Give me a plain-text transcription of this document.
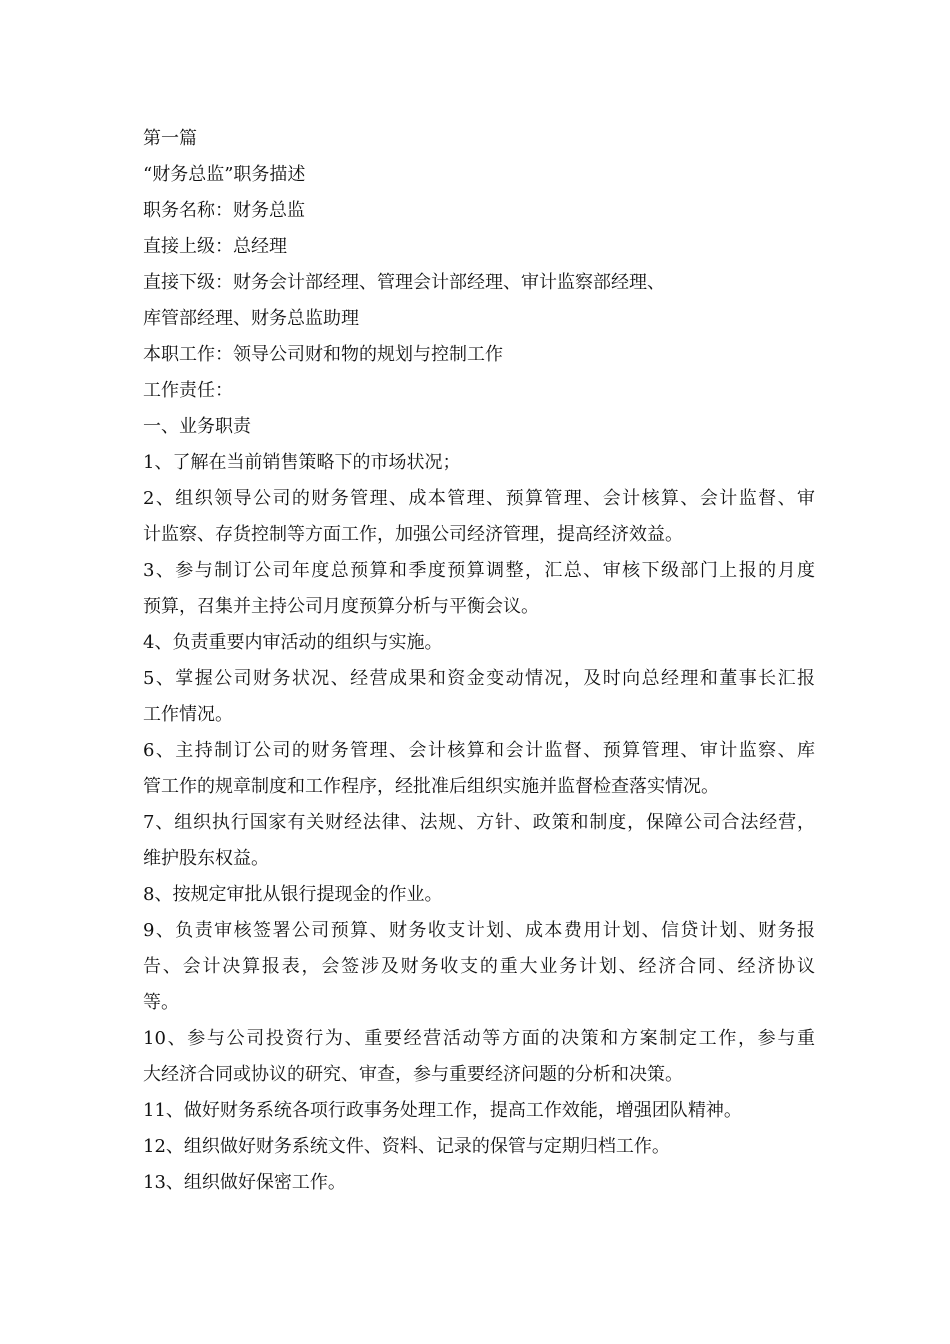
第一篇

“财务总监”职务描述

职务名称：财务总监

直接上级：总经理

直接下级：财务会计部经理、管理会计部经理、审计监察部经理、

库管部经理、财务总监助理

本职工作：领导公司财和物的规划与控制工作

工作责任：

一、业务职责

1、了解在当前销售策略下的市场状况；

2、组织领导公司的财务管理、成本管理、预算管理、会计核算、会计监督、审

计监察、存货控制等方面工作，加强公司经济管理，提高经济效益。

3、参与制订公司年度总预算和季度预算调整，汇总、审核下级部门上报的月度

预算，召集并主持公司月度预算分析与平衡会议。

4、负责重要内审活动的组织与实施。

5、掌握公司财务状况、经营成果和资金变动情况，及时向总经理和董事长汇报

工作情况。

6、主持制订公司的财务管理、会计核算和会计监督、预算管理、审计监察、库

管工作的规章制度和工作程序，经批准后组织实施并监督检查落实情况。

7、组织执行国家有关财经法律、法规、方针、政策和制度，保障公司合法经营，

维护股东权益。

8、按规定审批从银行提现金的作业。

9、负责审核签署公司预算、财务收支计划、成本费用计划、信贷计划、财务报

告、会计决算报表，会签涉及财务收支的重大业务计划、经济合同、经济协议

等。

10、参与公司投资行为、重要经营活动等方面的决策和方案制定工作，参与重

大经济合同或协议的研究、审查，参与重要经济问题的分析和决策。

11、做好财务系统各项行政事务处理工作，提高工作效能，增强团队精神。

12、组织做好财务系统文件、资料、记录的保管与定期归档工作。

13、组织做好保密工作。
